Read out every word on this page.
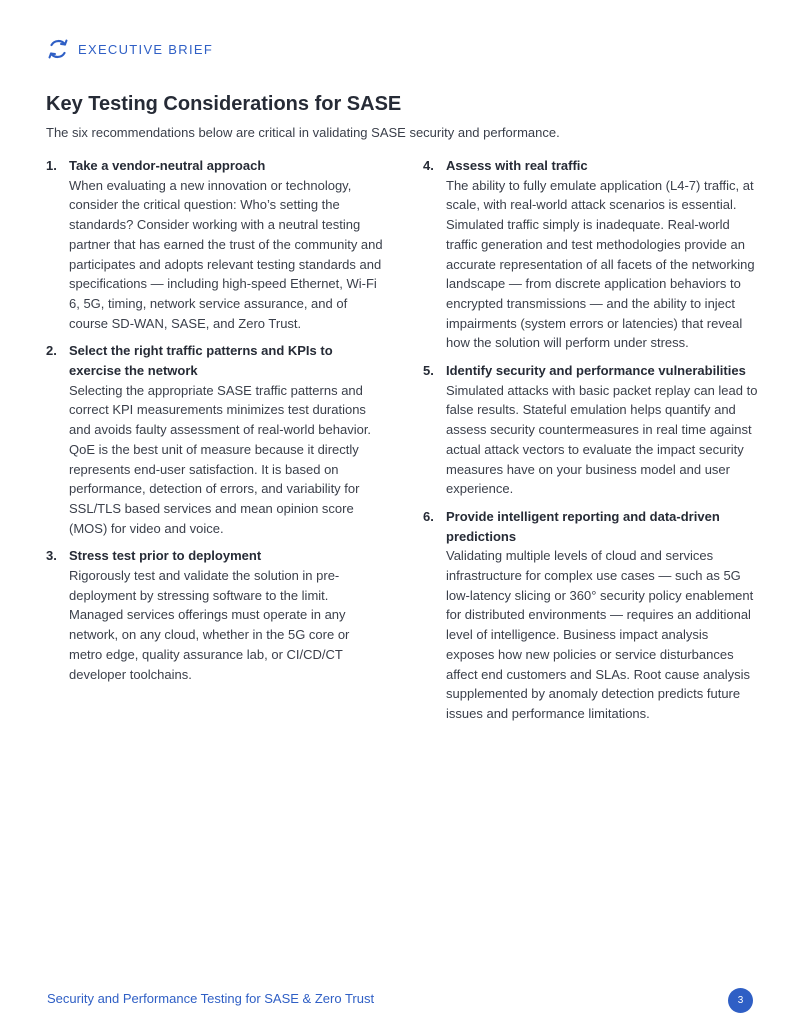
EXECUTIVE BRIEF
Key Testing Considerations for SASE
The six recommendations below are critical in validating SASE security and performance.
1. Take a vendor-neutral approach
When evaluating a new innovation or technology, consider the critical question: Who’s setting the standards? Consider working with a neutral testing partner that has earned the trust of the community and participates and adopts relevant testing standards and specifications — including high-speed Ethernet, Wi-Fi 6, 5G, timing, network service assurance, and of course SD-WAN, SASE, and Zero Trust.
2. Select the right traffic patterns and KPIs to exercise the network
Selecting the appropriate SASE traffic patterns and correct KPI measurements minimizes test durations and avoids faulty assessment of real-world behavior. QoE is the best unit of measure because it directly represents end-user satisfaction. It is based on performance, detection of errors, and variability for SSL/TLS based services and mean opinion score (MOS) for video and voice.
3. Stress test prior to deployment
Rigorously test and validate the solution in pre-deployment by stressing software to the limit. Managed services offerings must operate in any network, on any cloud, whether in the 5G core or metro edge, quality assurance lab, or CI/CD/CT developer toolchains.
4. Assess with real traffic
The ability to fully emulate application (L4-7) traffic, at scale, with real-world attack scenarios is essential. Simulated traffic simply is inadequate. Real-world traffic generation and test methodologies provide an accurate representation of all facets of the networking landscape — from discrete application behaviors to encrypted transmissions — and the ability to inject impairments (system errors or latencies) that reveal how the solution will perform under stress.
5. Identify security and performance vulnerabilities
Simulated attacks with basic packet replay can lead to false results. Stateful emulation helps quantify and assess security countermeasures in real time against actual attack vectors to evaluate the impact security measures have on your business model and user experience.
6. Provide intelligent reporting and data-driven predictions
Validating multiple levels of cloud and services infrastructure for complex use cases — such as 5G low-latency slicing or 360° security policy enablement for distributed environments — requires an additional level of intelligence. Business impact analysis exposes how new policies or service disturbances affect end customers and SLAs. Root cause analysis supplemented by anomaly detection predicts future issues and performance limitations.
Security and Performance Testing for SASE & Zero Trust	3
